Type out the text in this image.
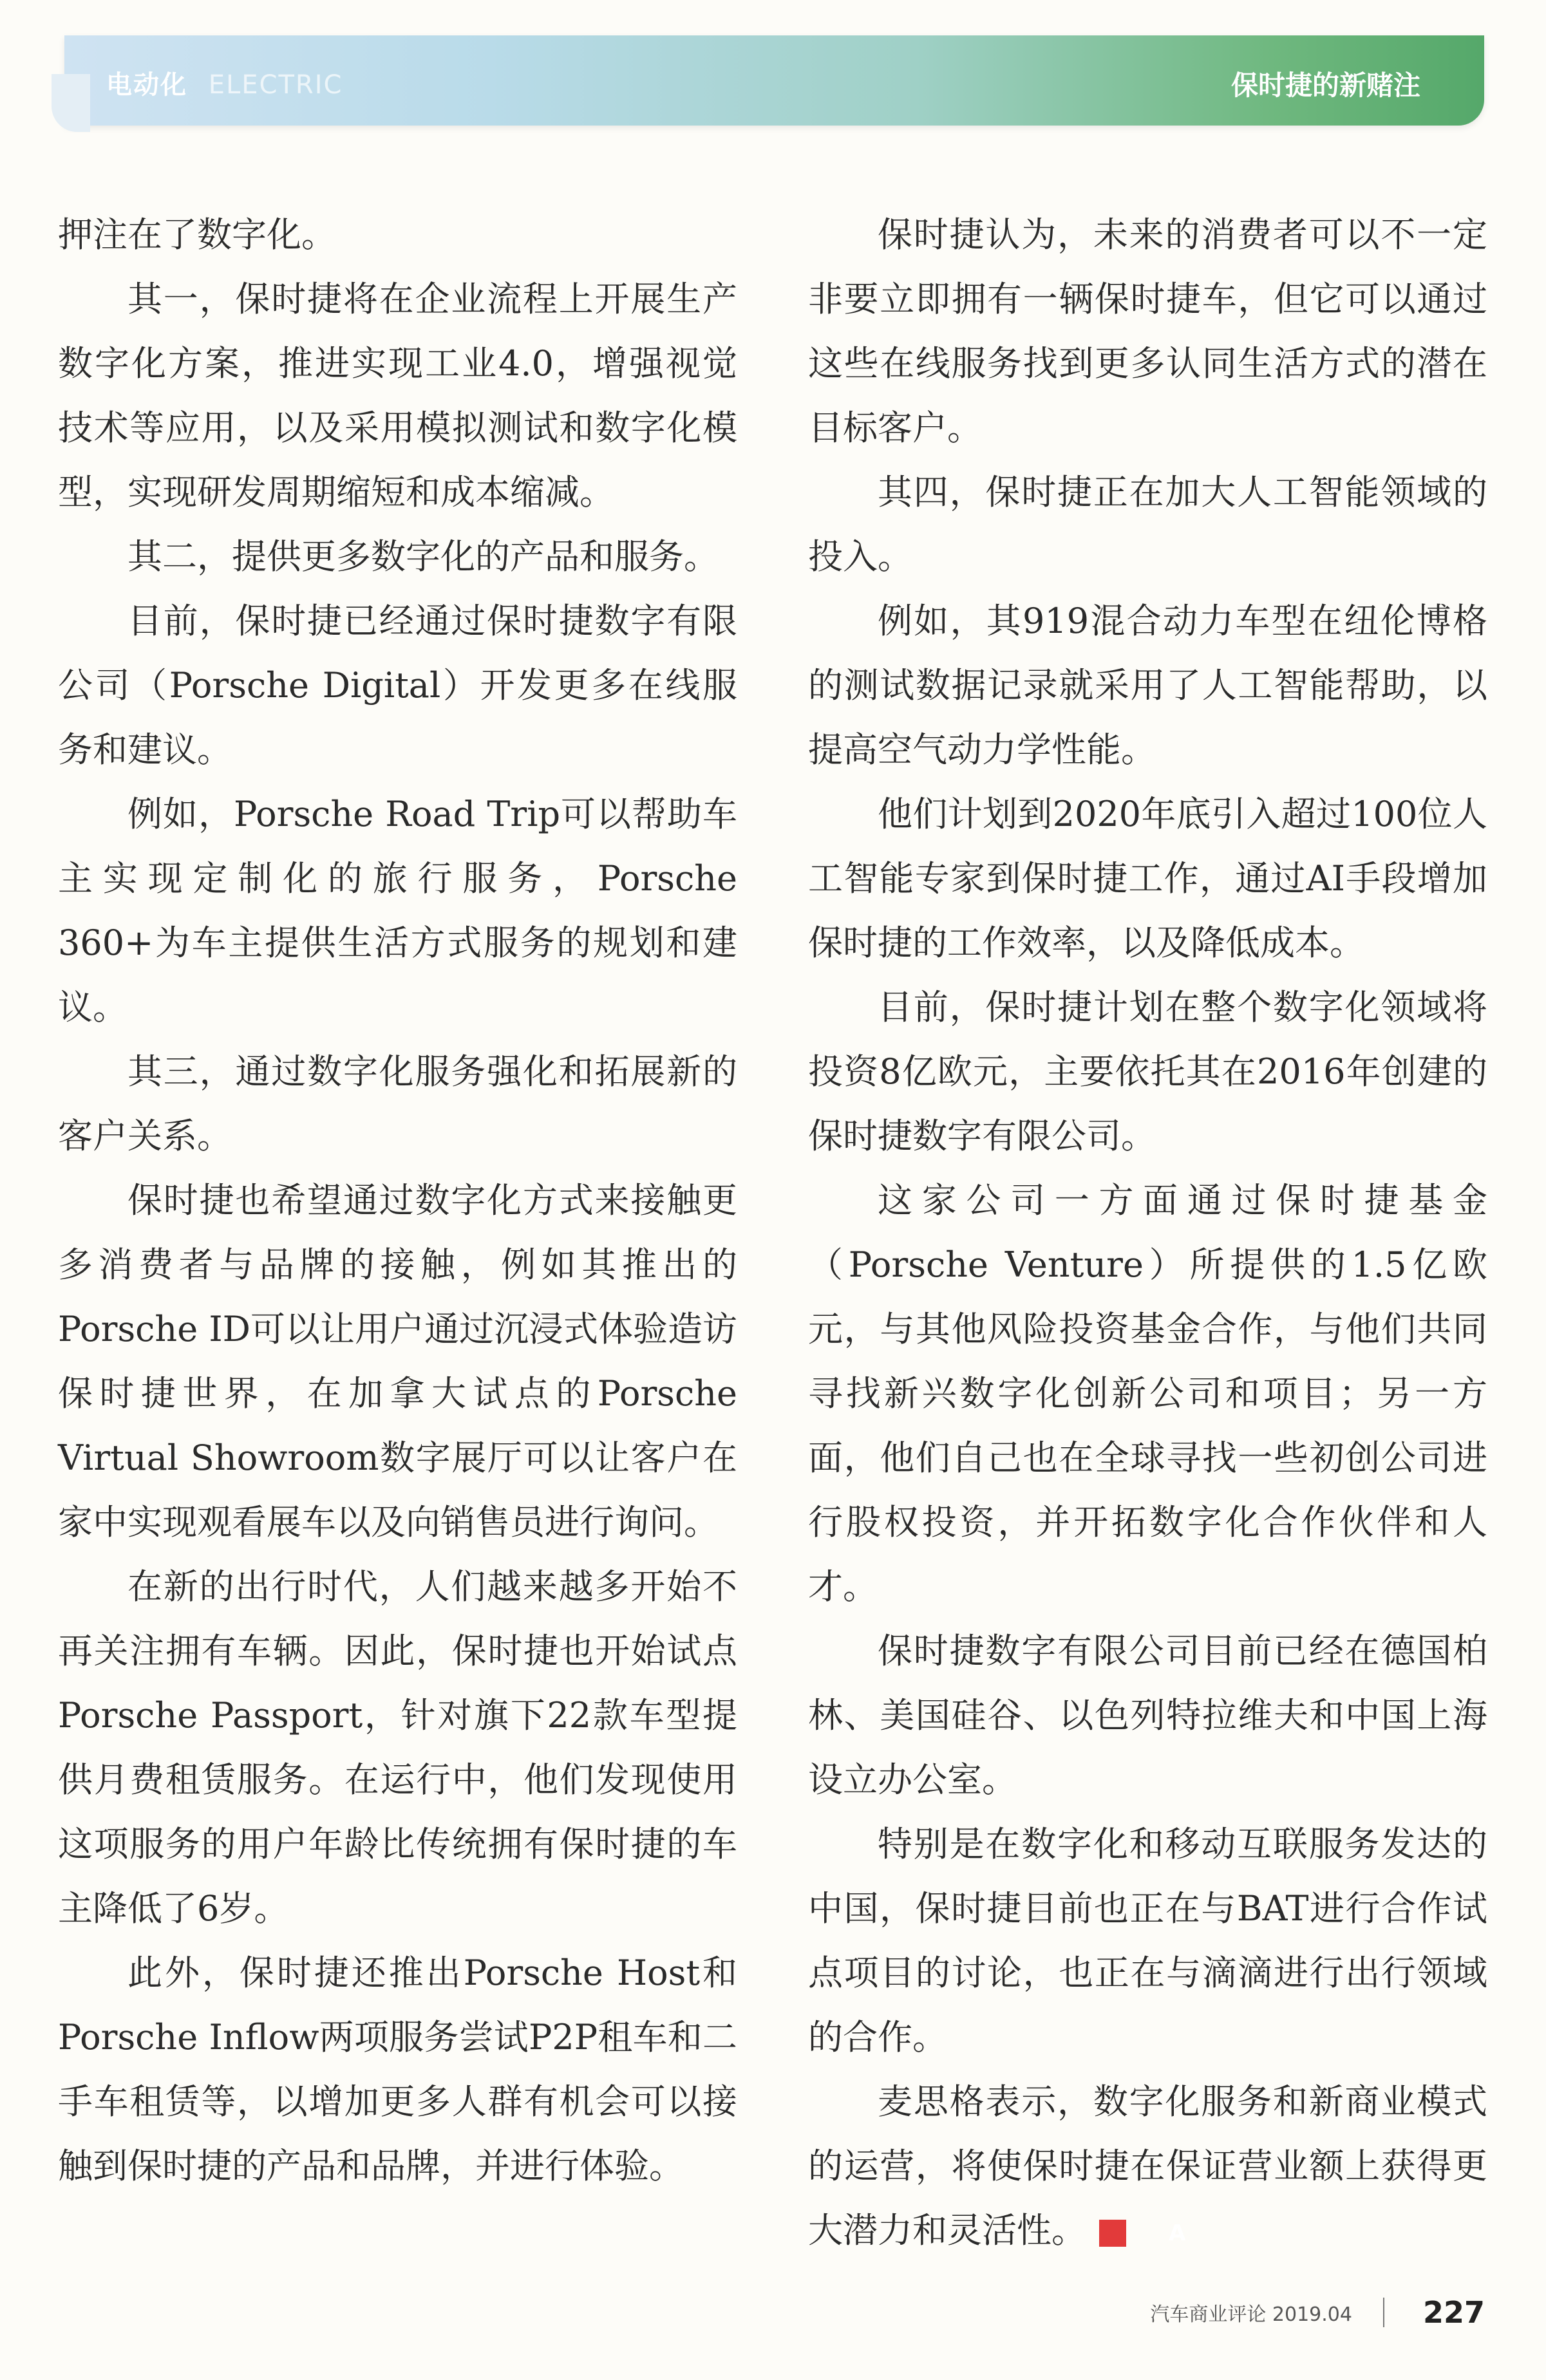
电动化 ELECTRIC	保时捷的新赌注

押注在了数字化。

其一，保时捷将在企业流程上开展生产数字化方案，推进实现工业4.0，增强视觉技术等应用，以及采用模拟测试和数字化模型，实现研发周期缩短和成本缩减。

其二，提供更多数字化的产品和服务。

目前，保时捷已经通过保时捷数字有限公司（Porsche Digital）开发更多在线服务和建议。

例如，Porsche Road Trip可以帮助车主实现定制化的旅行服务，Porsche 360+为车主提供生活方式服务的规划和建议。

其三，通过数字化服务强化和拓展新的客户关系。

保时捷也希望通过数字化方式来接触更多消费者与品牌的接触，例如其推出的Porsche ID可以让用户通过沉浸式体验造访保时捷世界，在加拿大试点的Porsche Virtual Showroom数字展厅可以让客户在家中实现观看展车以及向销售员进行询问。

在新的出行时代，人们越来越多开始不再关注拥有车辆。因此，保时捷也开始试点Porsche Passport，针对旗下22款车型提供月费租赁服务。在运行中，他们发现使用这项服务的用户年龄比传统拥有保时捷的车主降低了6岁。

此外，保时捷还推出Porsche Host和Porsche Inflow两项服务尝试P2P租车和二手车租赁等，以增加更多人群有机会可以接触到保时捷的产品和品牌，并进行体验。

保时捷认为，未来的消费者可以不一定非要立即拥有一辆保时捷车，但它可以通过这些在线服务找到更多认同生活方式的潜在目标客户。

其四，保时捷正在加大人工智能领域的投入。

例如，其919混合动力车型在纽伦博格的测试数据记录就采用了人工智能帮助，以提高空气动力学性能。

他们计划到2020年底引入超过100位人工智能专家到保时捷工作，通过AI手段增加保时捷的工作效率，以及降低成本。

目前，保时捷计划在整个数字化领域将投资8亿欧元，主要依托其在2016年创建的保时捷数字有限公司。

这家公司一方面通过保时捷基金（Porsche Venture）所提供的1.5亿欧元，与其他风险投资基金合作，与他们共同寻找新兴数字化创新公司和项目；另一方面，他们自己也在全球寻找一些初创公司进行股权投资，并开拓数字化合作伙伴和人才。

保时捷数字有限公司目前已经在德国柏林、美国硅谷、以色列特拉维夫和中国上海设立办公室。

特别是在数字化和移动互联服务发达的中国，保时捷目前也正在与BAT进行合作试点项目的讨论，也正在与滴滴进行出行领域的合作。

麦思格表示，数字化服务和新商业模式的运营，将使保时捷在保证营业额上获得更大潜力和灵活性。	A

汽车商业评论 2019.04 227
